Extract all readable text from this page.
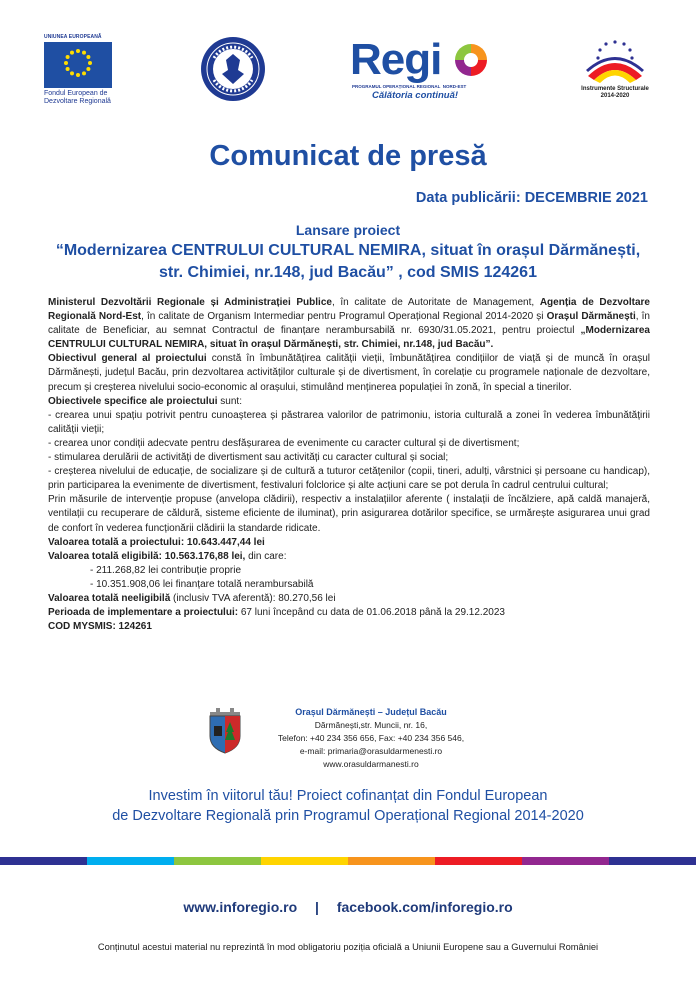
UNIUNEA EUROPEANĂ
Fondul European de
Dezvoltare Regională
Regi
PROGRAMUL OPERAȚIONAL REGIONAL NORD-EST
Călătoria continuă!
Instrumente Structurale
2014-2020
Comunicat de presă
Data publicării: DECEMBRIE 2021
Lansare proiect
“Modernizarea CENTRULUI CULTURAL NEMIRA, situat în orașul Dărmănești,
str. Chimiei, nr.148, jud Bacău” , cod SMIS 124261

Ministerul Dezvoltării Regionale și Administrației Publice, în calitate de Autoritate de Management, Agenția de Dezvoltare Regională Nord-Est, în calitate de Organism Intermediar pentru Programul Operațional Regional 2014-2020 și Orașul Dărmănești, în calitate de Beneficiar, au semnat Contractul de finanțare nerambursabilă nr. 6930/31.05.2021, pentru proiectul „Modernizarea CENTRULUI CULTURAL NEMIRA, situat în orașul Dărmănești, str. Chimiei, nr.148, jud Bacău”.

Obiectivul general al proiectului constă în îmbunătățirea calității vieții, îmbunătățirea condițiilor de viață și de muncă în orașul Dărmănești, județul Bacău, prin dezvoltarea activităților culturale și de divertisment, în corelație cu programele naționale de dezvoltare, precum și creșterea nivelului socio-economic al orașului, stimulând menținerea populației în zonă, în special a tinerilor.

Obiectivele specifice ale proiectului sunt:

- crearea unui spațiu potrivit pentru cunoașterea și păstrarea valorilor de patrimoniu, istoria culturală a zonei în vederea îmbunătățirii calității vieții;

- crearea unor condiții adecvate pentru desfășurarea de evenimente cu caracter cultural și de divertisment;

- stimularea derulării de activități de divertisment sau activități cu caracter cultural și social;

- creșterea nivelului de educație, de socializare și de cultură a tuturor cetățenilor (copii, tineri, adulți, vârstnici și persoane cu handicap), prin participarea la evenimente de divertisment, festivaluri folclorice și alte acțiuni care se pot derula în cadrul centrului cultural;

Prin măsurile de intervenție propuse (anvelopa clădirii), respectiv a instalațiilor aferente ( instalații de încălziere, apă caldă manajeră, ventilații cu recuperare de căldură, sisteme eficiente de iluminat), prin asigurarea dotărilor specifice, se urmărește asigurarea unui grad de confort în vederea funcționării clădirii la standarde ridicate.

Valoarea totală a proiectului: 10.643.447,44 lei

Valoarea totală eligibilă: 10.563.176,88 lei, din care:

- 211.268,82 lei contribuție proprie

- 10.351.908,06 lei finanțare totală nerambursabilă

Valoarea totală neeligibilă (inclusiv TVA aferentă): 80.270,56 lei

Perioada de implementare a proiectului: 67 luni începând cu data de 01.06.2018 până la 29.12.2023

COD MYSMIS: 124261

Orașul Dărmănești – Județul Bacău
Dărmănești,str. Muncii, nr. 16,
Telefon: +40 234 356 656, Fax: +40 234 356 546,
e-mail: primaria@orasuldarmenesti.ro
www.orasuldarmanesti.ro
Investim în viitorul tău! Proiect cofinanțat din Fondul European
de Dezvoltare Regională prin Programul Operațional Regional 2014-2020
www.inforegio.ro | facebook.com/inforegio.ro
Conținutul acestui material nu reprezintă în mod obligatoriu poziția oficială a Uniunii Europene sau a Guvernului României
